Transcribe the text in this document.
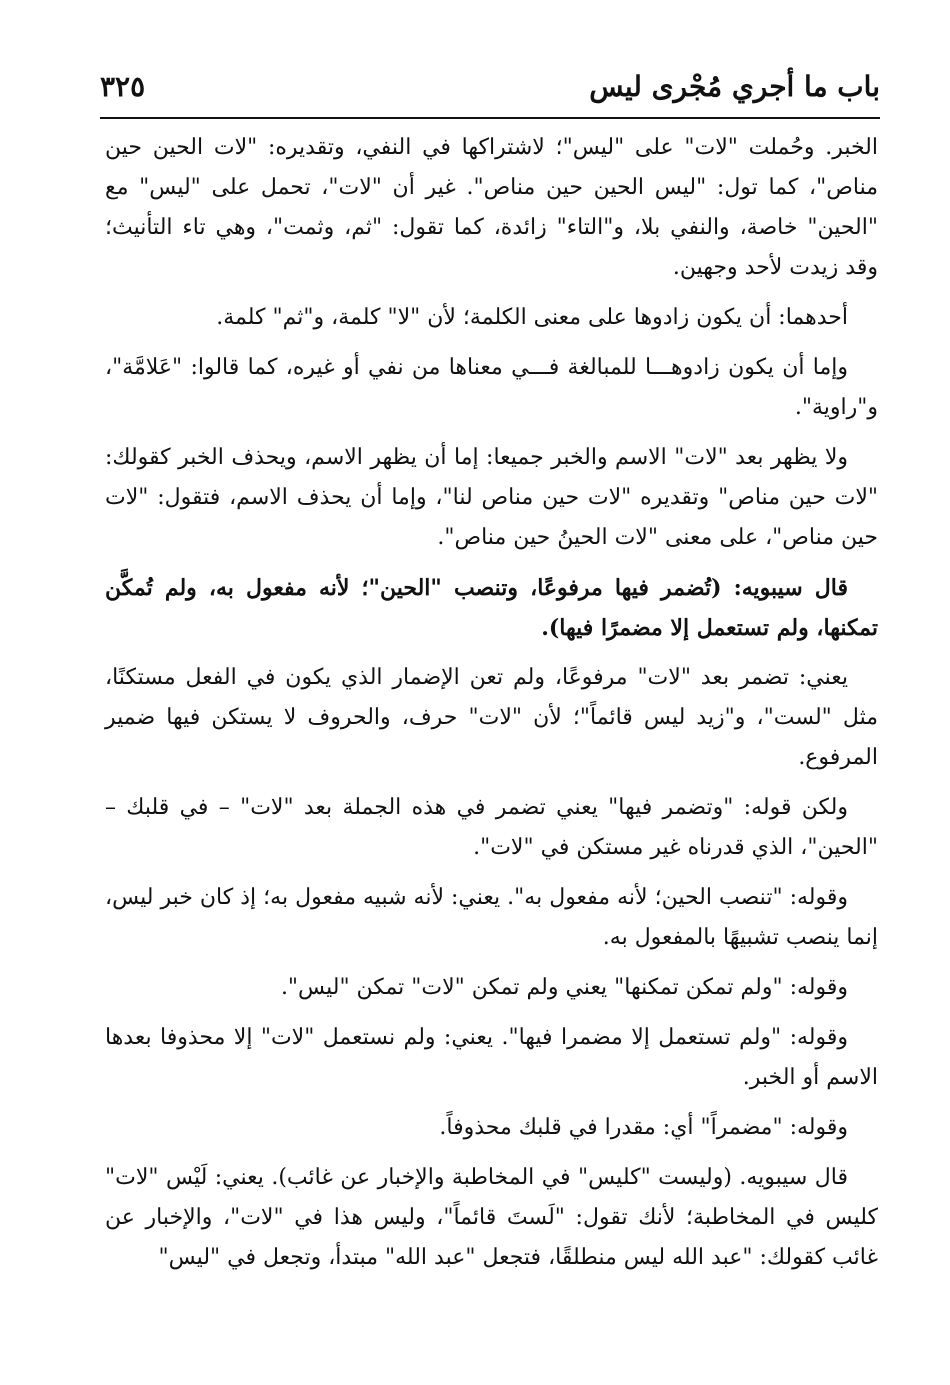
باب ما أجري مُجْرى ليس
٣٢٥

الخبر. وحُملت "لات" على "ليس"؛ لاشتراكها في النفي، وتقديره: "لات الحين حين مناص"، كما تول: "ليس الحين حين مناص". غير أن "لات"، تحمل على "ليس" مع "الحين" خاصة، والنفي بلا، و"التاء" زائدة، كما تقول: "ثم، وثمت"، وهي تاء التأنيث؛ وقد زيدت لأحد وجهين.

أحدهما: أن يكون زادوها على معنى الكلمة؛ لأن "لا" كلمة، و"ثم" كلمة.

وإما أن يكون زادوهـــا للمبالغة فـــي معناها من نفي أو غيره، كما قالوا: "عَلامَّة"، و"راوية".

ولا يظهر بعد "لات" الاسم والخبر جميعا: إما أن يظهر الاسم، ويحذف الخبر كقولك: "لات حين مناص" وتقديره "لات حين مناص لنا"، وإما أن يحذف الاسم، فتقول: "لات حين مناص"، على معنى "لات الحينُ حين مناص".

قال سيبويه: (تُضمر فيها مرفوعًا، وتنصب "الحين"؛ لأنه مفعول به، ولم تُمكَّن تمكنها، ولم تستعمل إلا مضمرًا فيها).

يعني: تضمر بعد "لات" مرفوعًا، ولم تعن الإضمار الذي يكون في الفعل مستكنًا، مثل "لست"، و"زيد ليس قائماً"؛ لأن "لات" حرف، والحروف لا يستكن فيها ضمير المرفوع.

ولكن قوله: "وتضمر فيها" يعني تضمر في هذه الجملة بعد "لات" – في قلبك – "الحين"، الذي قدرناه غير مستكن في "لات".

وقوله: "تنصب الحين؛ لأنه مفعول به". يعني: لأنه شبيه مفعول به؛ إذ كان خبر ليس، إنما ينصب تشبيهًا بالمفعول به.

وقوله: "ولم تمكن تمكنها" يعني ولم تمكن "لات" تمكن "ليس".

وقوله: "ولم تستعمل إلا مضمرا فيها". يعني: ولم نستعمل "لات" إلا محذوفا بعدها الاسم أو الخبر.

وقوله: "مضمراً" أي: مقدرا في قلبك محذوفاً.

قال سيبويه. (وليست "كليس" في المخاطبة والإخبار عن غائب). يعني: لَيْس "لات" كليس في المخاطبة؛ لأنك تقول: "لَستَ قائماً"، وليس هذا في "لات"، والإخبار عن غائب كقولك: "عبد الله ليس منطلقًا، فتجعل "عبد الله" مبتدأ، وتجعل في "ليس"
